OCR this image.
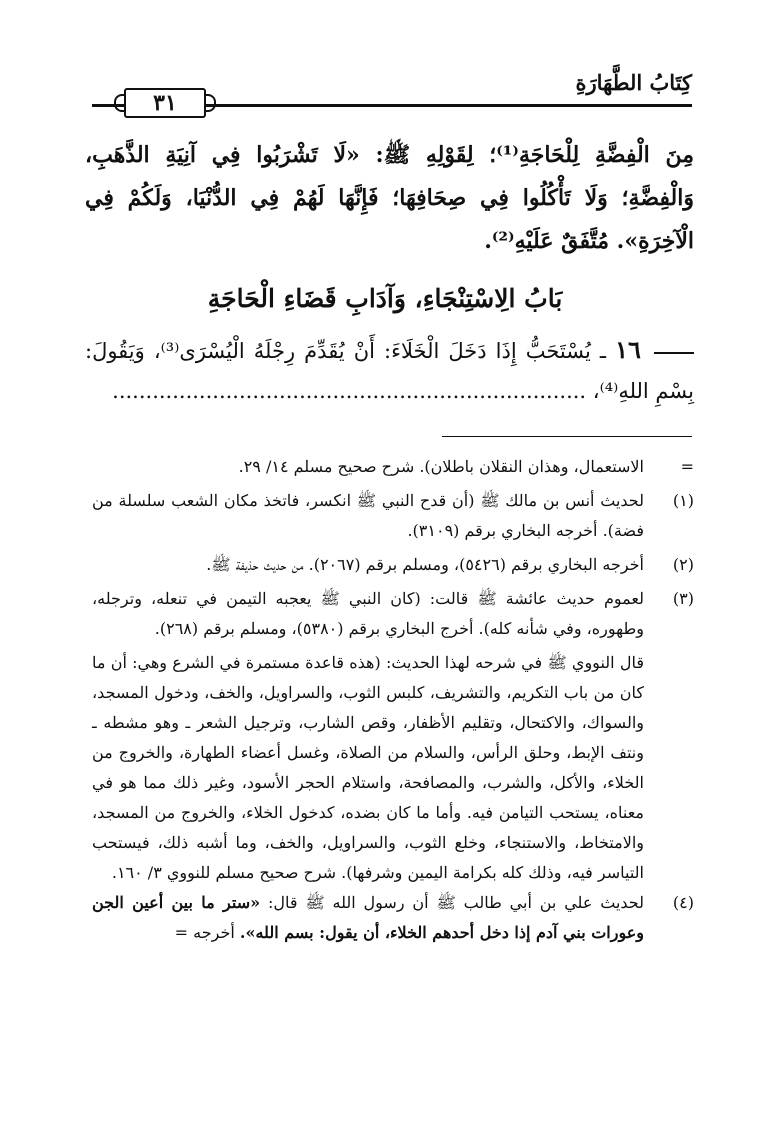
كِتَابُ الطَّهَارَةِ
٣١
مِنَ الْفِضَّةِ لِلْحَاجَةِ⁽¹⁾؛ لِقَوْلِهِ ﷺ: «لَا تَشْرَبُوا فِي آنِيَةِ الذَّهَبِ، وَالْفِضَّةِ؛ وَلَا تَأْكُلُوا فِي صِحَافِهَا؛ فَإِنَّهَا لَهُمْ فِي الدُّنْيَا، وَلَكُمْ فِي الْآخِرَةِ». مُتَّفَقٌ عَلَيْهِ⁽²⁾.
بَابُ الِاسْتِنْجَاءِ، وَآدَابِ قَضَاءِ الْحَاجَةِ
١٦ ـ يُسْتَحَبُّ إِذَا دَخَلَ الْخَلَاءَ: أَنْ يُقَدِّمَ رِجْلَهُ الْيُسْرَى⁽³⁾، وَيَقُولَ: بِسْمِ اللهِ⁽⁴⁾، .......................................................................
=
الاستعمال، وهذان النقلان باطلان). شرح صحيح مسلم ١٤/ ٢٩.
(١)
لحديث أنس بن مالك ﷺ (أن قدح النبي ﷺ انكسر، فاتخذ مكان الشعب سلسلة من فضة). أخرجه البخاري برقم (٣١٠٩).
(٢)
أخرجه البخاري برقم (٥٤٢٦)، ومسلم برقم (٢٠٦٧). من حديث حذيفة ﷺ.
(٣)
لعموم حديث عائشة ﷺ قالت: (كان النبي ﷺ يعجبه التيمن في تنعله، وترجله، وطهوره، وفي شأنه كله). أخرج البخاري برقم (٥٣٨٠)، ومسلم برقم (٢٦٨).
قال النووي ﷺ في شرحه لهذا الحديث: (هذه قاعدة مستمرة في الشرع وهي: أن ما كان من باب التكريم، والتشريف، كلبس الثوب، والسراويل، والخف، ودخول المسجد، والسواك، والاكتحال، وتقليم الأظفار، وقص الشارب، وترجيل الشعر ـ وهو مشطه ـ ونتف الإبط، وحلق الرأس، والسلام من الصلاة، وغسل أعضاء الطهارة، والخروج من الخلاء، والأكل، والشرب، والمصافحة، واستلام الحجر الأسود، وغير ذلك مما هو في معناه، يستحب التيامن فيه. وأما ما كان بضده، كدخول الخلاء، والخروج من المسجد، والامتخاط، والاستنجاء، وخلع الثوب، والسراويل، والخف، وما أشبه ذلك، فيستحب التياسر فيه، وذلك كله بكرامة اليمين وشرفها). شرح صحيح مسلم للنووي ٣/ ١٦٠.
(٤)
لحديث علي بن أبي طالب ﷺ أن رسول الله ﷺ قال: «ستر ما بين أعين الجن وعورات بني آدم إذا دخل أحدهم الخلاء، أن يقول: بسم الله». أخرجه =
